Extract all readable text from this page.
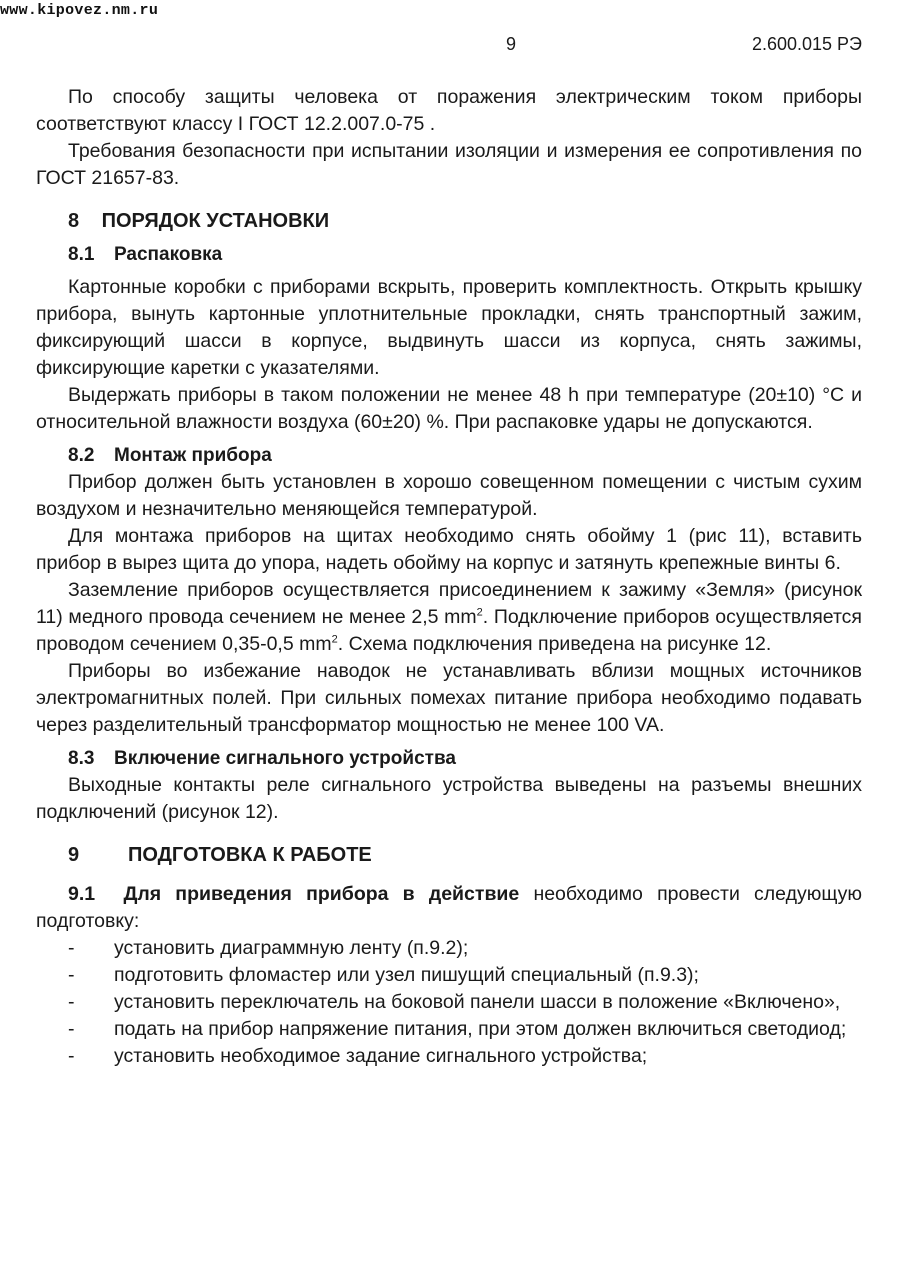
www.kipovez.nm.ru
9	2.600.015 РЭ

По способу защиты человека от поражения электрическим током приборы соответствуют классу I ГОСТ 12.2.007.0-75 .

Требования безопасности при испытании изоляции и измерения ее сопротивления по ГОСТ 21657-83.

8 ПОРЯДОК УСТАНОВКИ
8.1 Распаковка

Картонные коробки с приборами вскрыть, проверить комплектность. Открыть крышку прибора, вынуть картонные уплотнительные прокладки, снять транспортный зажим, фиксирующий шасси в корпусе, выдвинуть шасси из корпуса, снять зажимы, фиксирующие каретки с указателями.

Выдержать приборы в таком положении не менее 48 h при температуре (20±10) °С и относительной влажности воздуха (60±20) %. При распаковке удары не допускаются.

8.2 Монтаж прибора

Прибор должен быть установлен в хорошо совещенном помещении с чистым сухим воздухом и незначительно меняющейся температурой.

Для монтажа приборов на щитах необходимо снять обойму 1 (рис 11), вставить прибор в вырез щита до упора, надеть обойму на корпус и затянуть крепежные винты 6.

Заземление приборов осуществляется присоединением к зажиму «Земля» (рисунок 11) медного провода сечением не менее 2,5 $mm^2$. Подключение приборов осуществляется проводом сечением 0,35-0,5 $mm^2$. Схема подключения приведена на рисунке 12.

Приборы во избежание наводок не устанавливать вблизи мощных источников электромагнитных полей. При сильных помехах питание прибора необходимо подавать через разделительный трансформатор мощностью не менее 100 VA.

8.3 Включение сигнального устройства

Выходные контакты реле сигнального устройства выведены на разъемы внешних подключений (рисунок 12).

9 ПОДГОТОВКА К РАБОТЕ

9.1 Для приведения прибора в действие необходимо провести следующую подготовку:

- установить диаграммную ленту (п.9.2);
- подготовить фломастер или узел пишущий специальный (п.9.3);
- установить переключатель на боковой панели шасси в положение «Включено»,
- подать на прибор напряжение питания, при этом должен включиться светодиод;
- установить необходимое задание сигнального устройства;
